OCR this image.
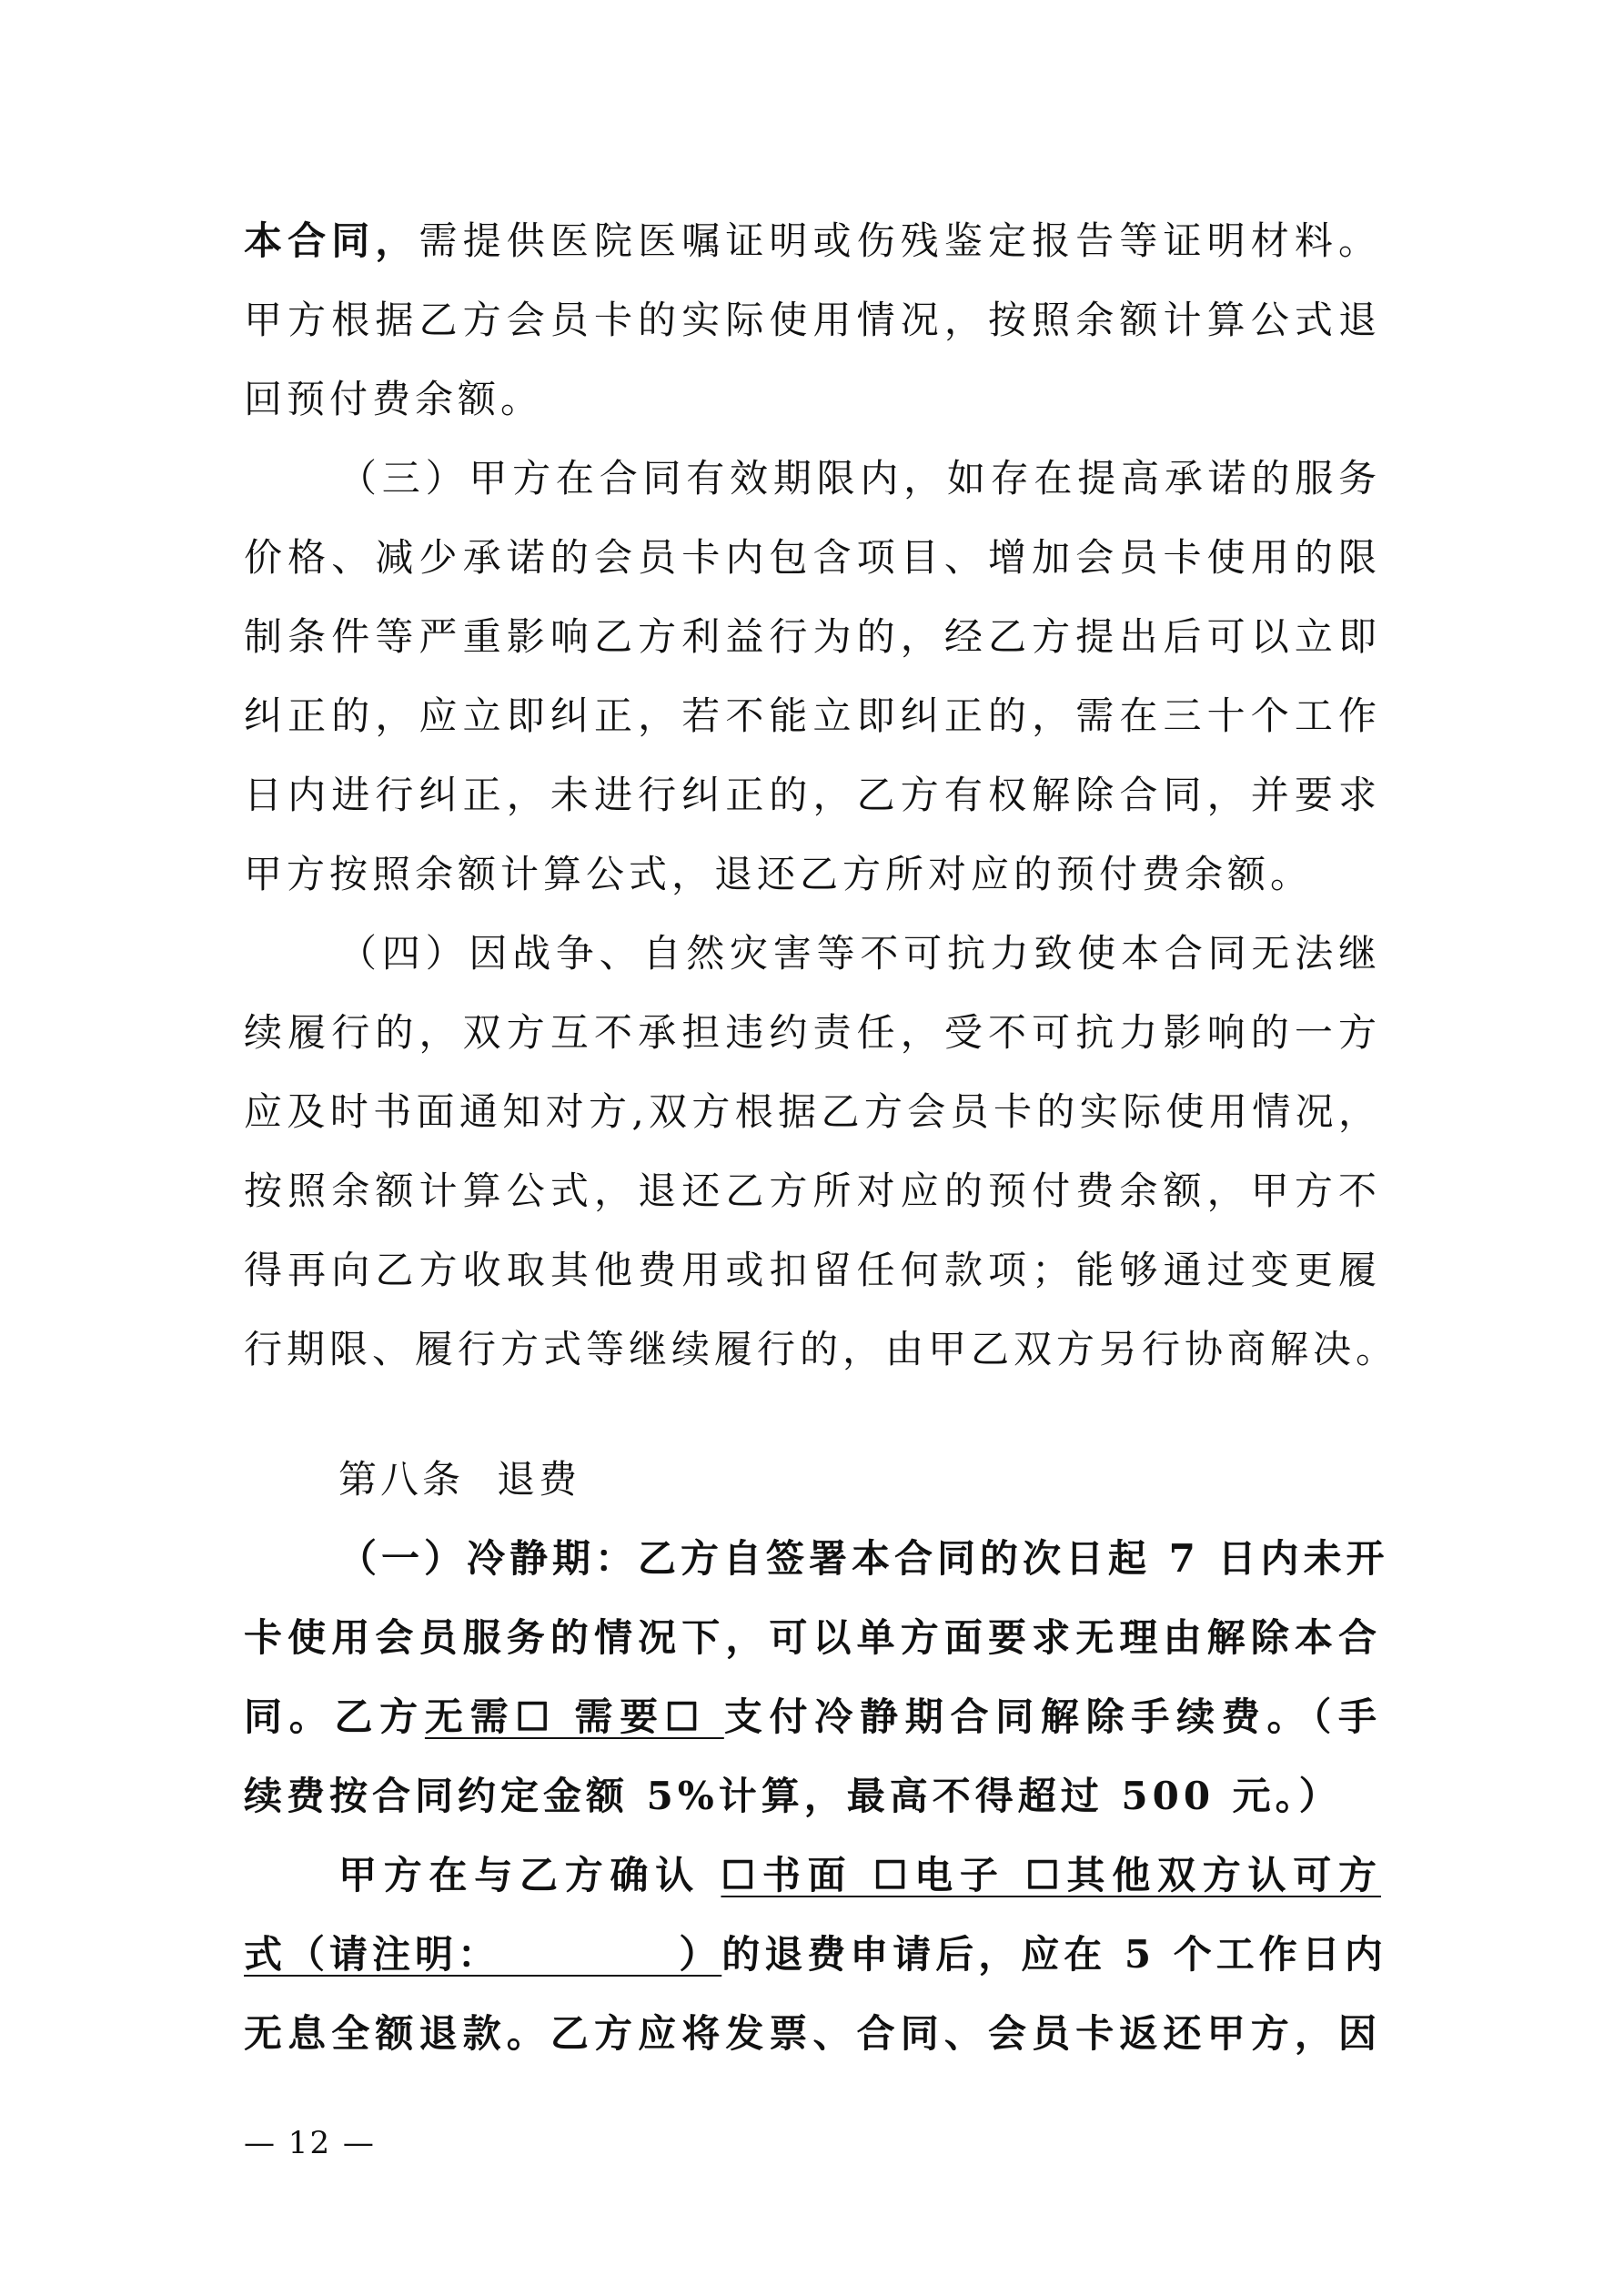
本合同，需提供医院医嘱证明或伤残鉴定报告等证明材料。
甲方根据乙方会员卡的实际使用情况，按照余额计算公式退
回预付费余额。
（三）甲方在合同有效期限内，如存在提高承诺的服务
价格、减少承诺的会员卡内包含项目、增加会员卡使用的限
制条件等严重影响乙方利益行为的，经乙方提出后可以立即
纠正的，应立即纠正，若不能立即纠正的，需在三十个工作
日内进行纠正，未进行纠正的，乙方有权解除合同，并要求
甲方按照余额计算公式，退还乙方所对应的预付费余额。
（四）因战争、自然灾害等不可抗力致使本合同无法继
续履行的，双方互不承担违约责任，受不可抗力影响的一方
应及时书面通知对方,双方根据乙方会员卡的实际使用情况，
按照余额计算公式，退还乙方所对应的预付费余额，甲方不
得再向乙方收取其他费用或扣留任何款项；能够通过变更履
行期限、履行方式等继续履行的，由甲乙双方另行协商解决。
第八条 退费
（一）冷静期：乙方自签署本合同的次日起 7 日内未开
卡使用会员服务的情况下，可以单方面要求无理由解除本合
同。乙方无需☐ 需要☐ 支付冷静期合同解除手续费。（手
续费按合同约定金额 5%计算，最高不得超过 500 元。）
甲方在与乙方确认 ☐书面 ☐电子 ☐其他双方认可方
式（请注明：          ）的退费申请后，应在 5 个工作日内
无息全额退款。乙方应将发票、合同、会员卡返还甲方，因
— 12 —
